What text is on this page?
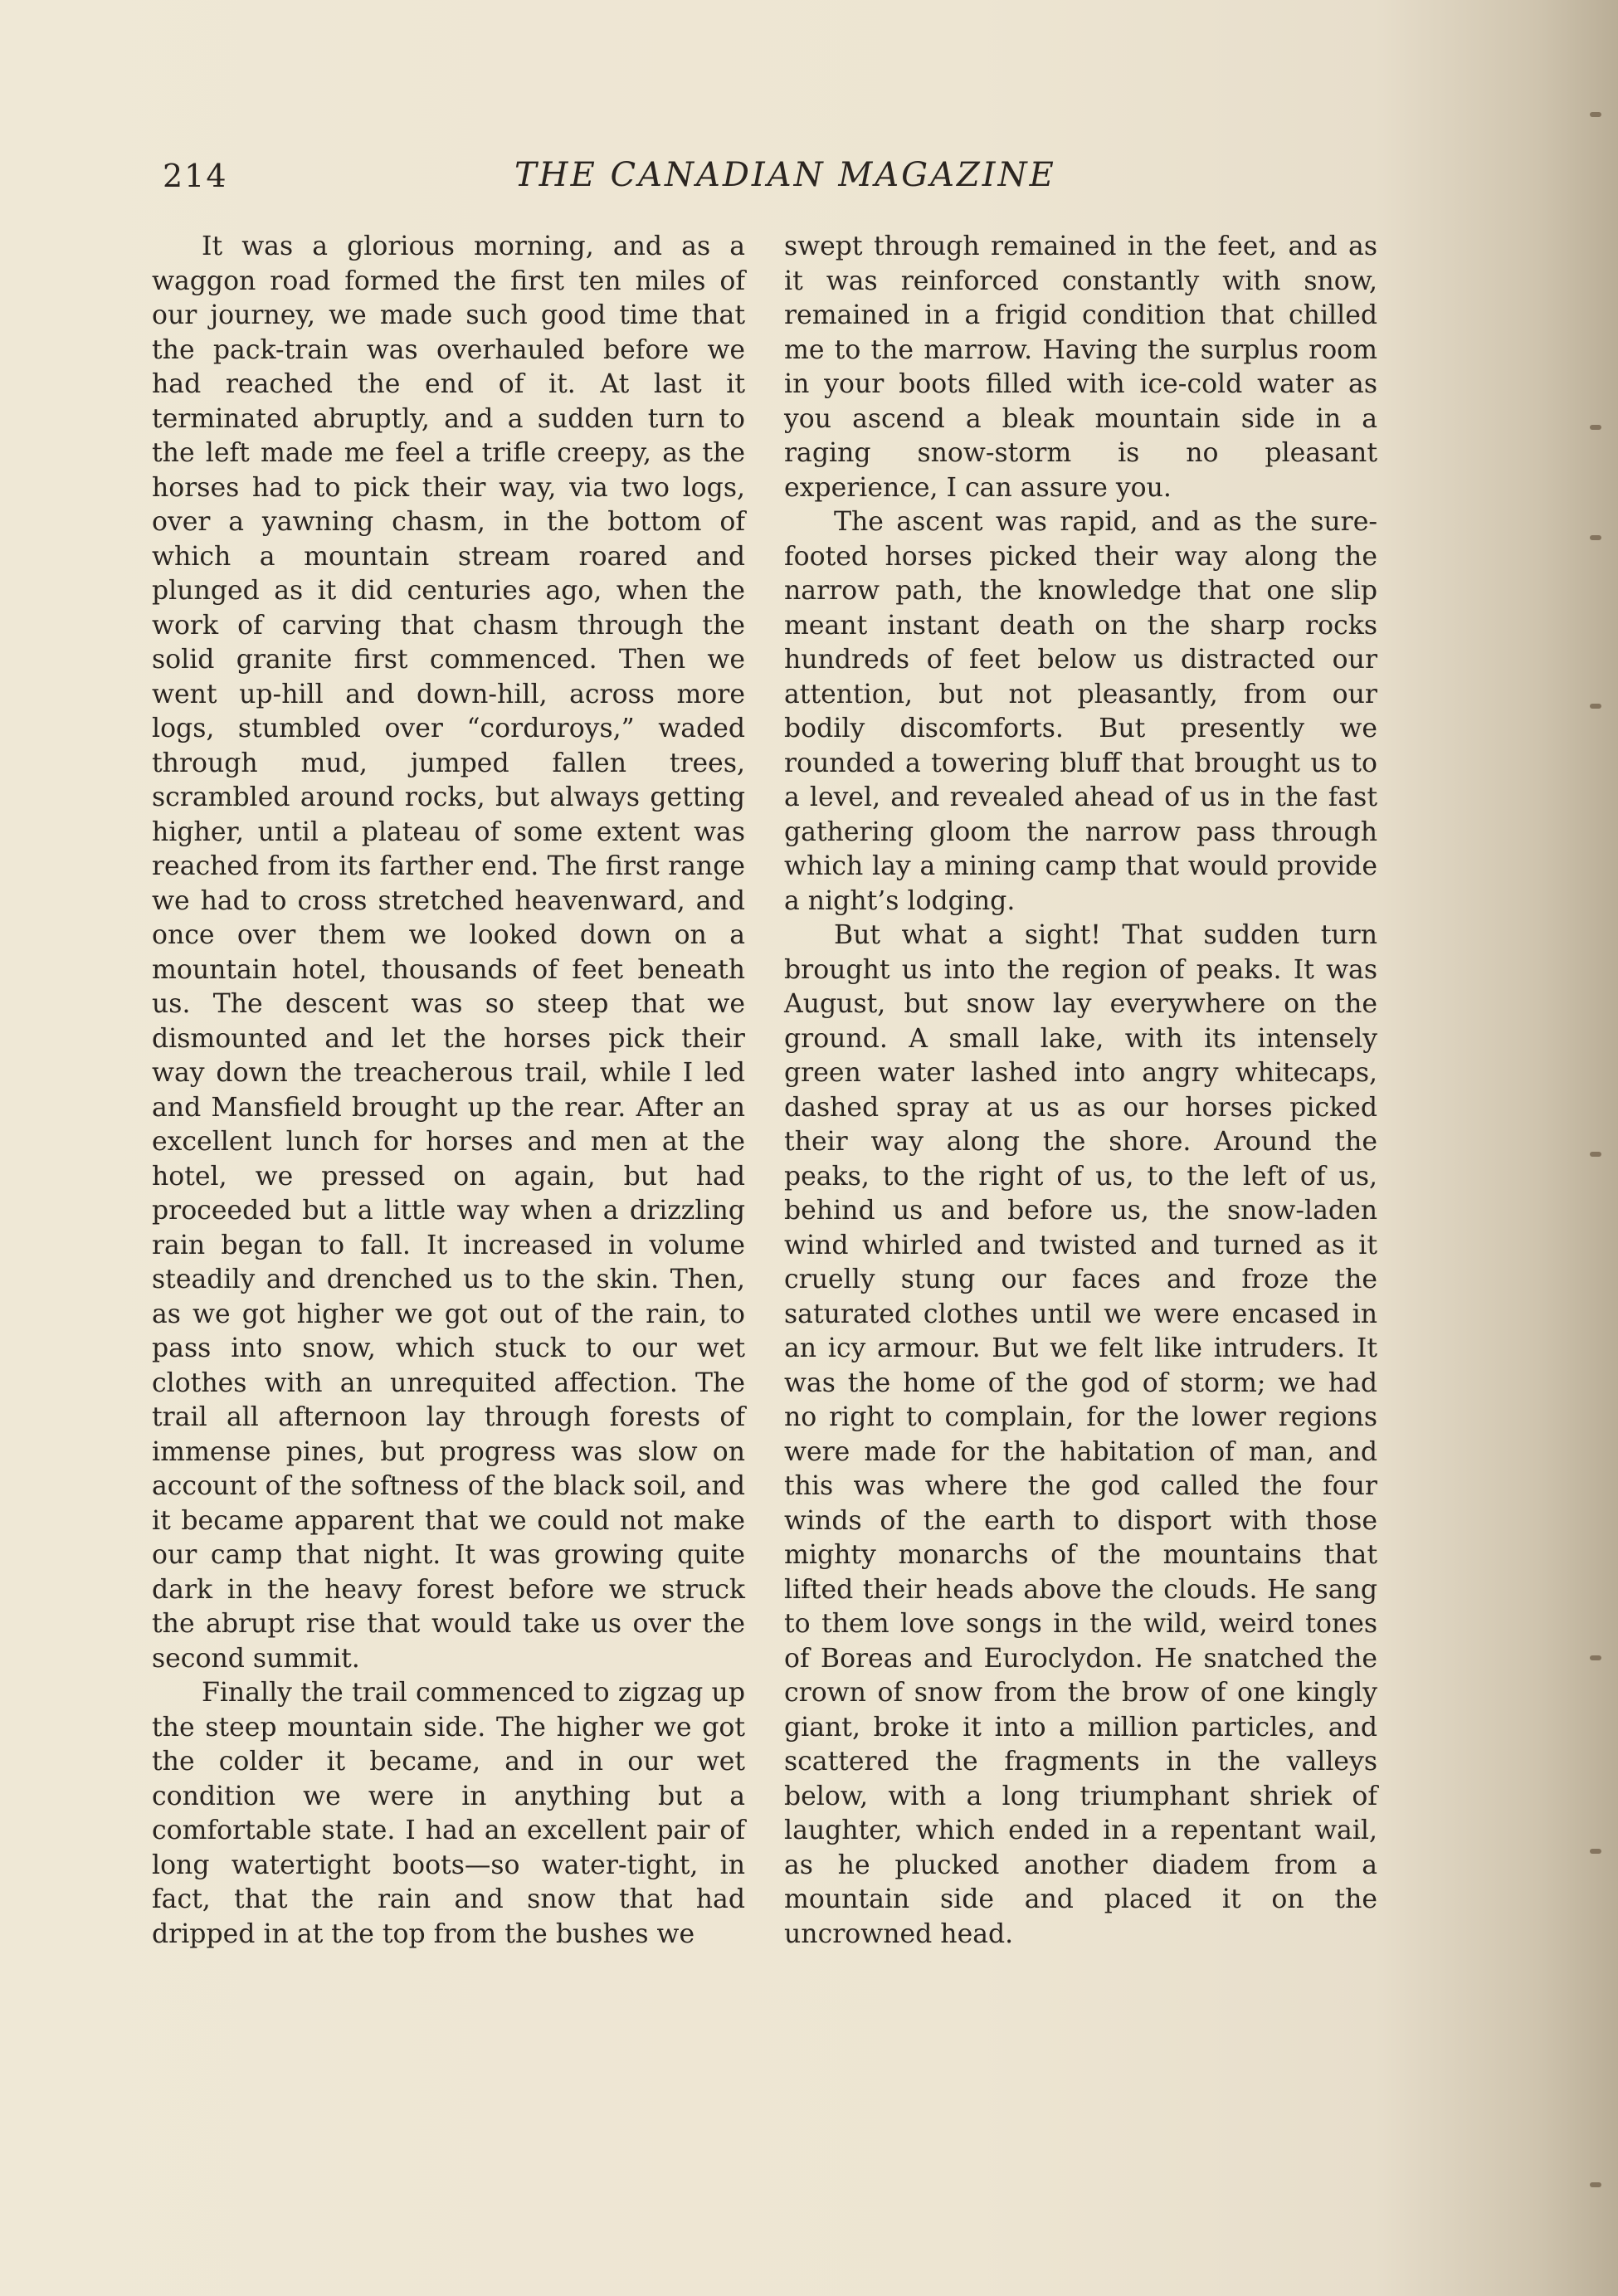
214	THE CANADIAN MAGAZINE

It was a glorious morning, and as a waggon road formed the first ten miles of our journey, we made such good time that the pack-train was overhauled before we had reached the end of it. At last it terminated abruptly, and a sudden turn to the left made me feel a trifle creepy, as the horses had to pick their way, via two logs, over a yawning chasm, in the bottom of which a mountain stream roared and plunged as it did centuries ago, when the work of carving that chasm through the solid granite first commenced. Then we went up-hill and down-hill, across more logs, stumbled over “corduroys,” waded through mud, jumped fallen trees, scrambled around rocks, but always getting higher, until a plateau of some extent was reached from its farther end. The first range we had to cross stretched heavenward, and once over them we looked down on a mountain hotel, thousands of feet beneath us. The descent was so steep that we dismounted and let the horses pick their way down the treacherous trail, while I led and Mansfield brought up the rear. After an excellent lunch for horses and men at the hotel, we pressed on again, but had proceeded but a little way when a drizzling rain began to fall. It increased in volume steadily and drenched us to the skin. Then, as we got higher we got out of the rain, to pass into snow, which stuck to our wet clothes with an unrequited affection. The trail all afternoon lay through forests of immense pines, but progress was slow on account of the softness of the black soil, and it became apparent that we could not make our camp that night. It was growing quite dark in the heavy forest before we struck the abrupt rise that would take us over the second summit.

Finally the trail commenced to zigzag up the steep mountain side. The higher we got the colder it became, and in our wet condition we were in anything but a comfortable state. I had an excellent pair of long watertight boots—so water-tight, in fact, that the rain and snow that had dripped in at the top from the bushes we

swept through remained in the feet, and as it was reinforced constantly with snow, remained in a frigid condition that chilled me to the marrow. Having the surplus room in your boots filled with ice-cold water as you ascend a bleak mountain side in a raging snow-storm is no pleasant experience, I can assure you.

The ascent was rapid, and as the sure-footed horses picked their way along the narrow path, the knowledge that one slip meant instant death on the sharp rocks hundreds of feet below us distracted our attention, but not pleasantly, from our bodily discomforts. But presently we rounded a towering bluff that brought us to a level, and revealed ahead of us in the fast gathering gloom the narrow pass through which lay a mining camp that would provide a night’s lodging.

But what a sight! That sudden turn brought us into the region of peaks. It was August, but snow lay everywhere on the ground. A small lake, with its intensely green water lashed into angry whitecaps, dashed spray at us as our horses picked their way along the shore. Around the peaks, to the right of us, to the left of us, behind us and before us, the snow-laden wind whirled and twisted and turned as it cruelly stung our faces and froze the saturated clothes until we were encased in an icy armour. But we felt like intruders. It was the home of the god of storm; we had no right to complain, for the lower regions were made for the habitation of man, and this was where the god called the four winds of the earth to disport with those mighty monarchs of the mountains that lifted their heads above the clouds. He sang to them love songs in the wild, weird tones of Boreas and Euroclydon. He snatched the crown of snow from the brow of one kingly giant, broke it into a million particles, and scattered the fragments in the valleys below, with a long triumphant shriek of laughter, which ended in a repentant wail, as he plucked another diadem from a mountain side and placed it on the uncrowned head.
